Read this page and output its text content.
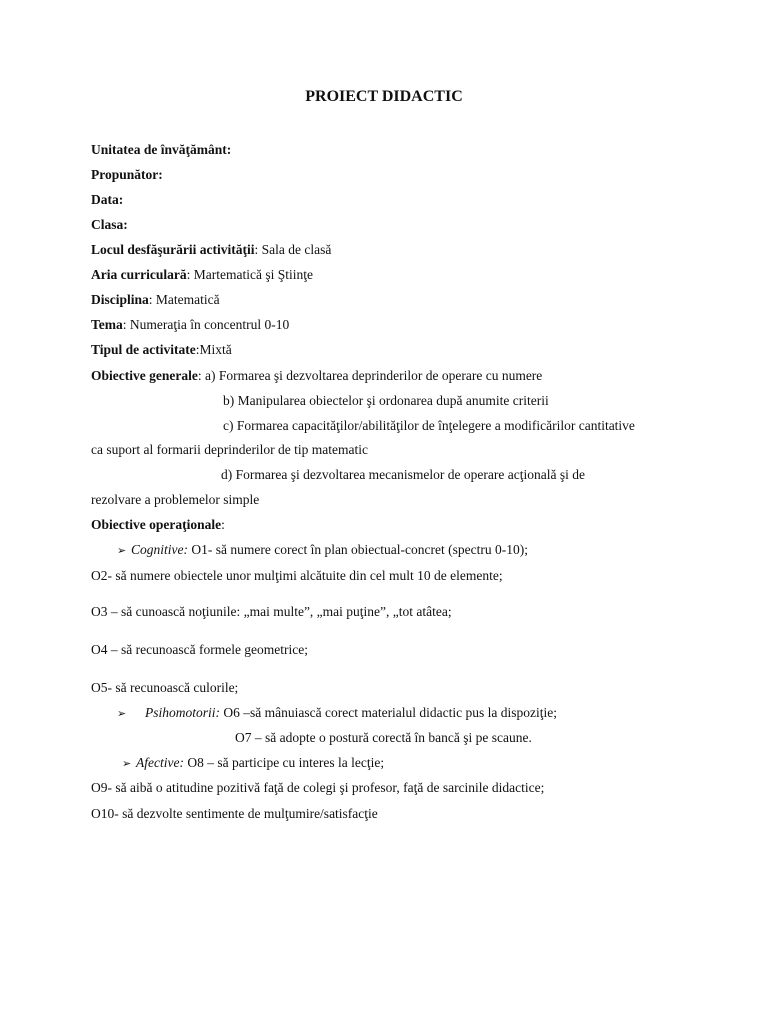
PROIECT DIDACTIC
Unitatea de învăţământ:
Propunător:
Data:
Clasa:
Locul desfăşurării activităţii: Sala de clasă
Aria curriculară: Martematică şi Ştiinţe
Disciplina: Matematică
Tema: Numeraţia în concentrul 0-10
Tipul de activitate:Mixtă
Obiective generale: a) Formarea şi dezvoltarea deprinderilor de operare cu numere
b) Manipularea obiectelor şi ordonarea după anumite criterii
c) Formarea capacităţilor/abilităţilor de înţelegere a modificărilor cantitative
ca suport al formarii deprinderilor de tip matematic
d) Formarea şi dezvoltarea mecanismelor de operare acţională şi de
rezolvare a problemelor simple
Obiective operaţionale:
➢ Cognitive: O1- să numere corect în plan obiectual-concret (spectru 0-10);
O2- să numere obiectele unor mulţimi alcătuite din cel mult 10 de elemente;
O3 – să cunoască noţiunile: „mai multe”, „mai puţine”, „tot atâtea;
O4 – să recunoască formele geometrice;
O5- să recunoască culorile;
➢ Psihomotorii: O6 –să mânuiască corect materialul didactic pus la dispoziţie;
O7 – să adopte o postură corectă în bancă şi pe scaune.
➢ Afective: O8 – să participe cu interes la lecţie;
O9- să aibă o atitudine pozitivă faţă de colegi şi profesor, faţă de sarcinile didactice;
O10- să dezvolte sentimente de mulţumire/satisfacţie
